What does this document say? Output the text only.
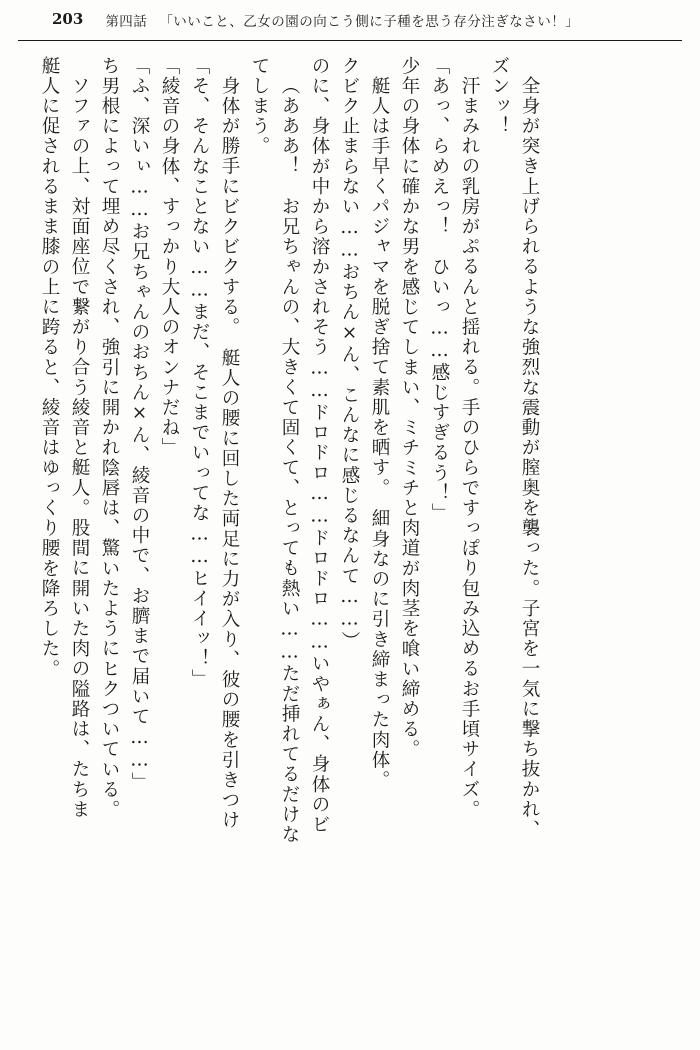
203 第四話 「いいこと、乙女の園の向こう側に子種を思う存分注ぎなさい！」
艇人に促されるまま膝の上に跨ると、綾音はゆっくり腰を降ろした。 ソファの上、対面座位で繋がり合う綾音と艇人。股間に開いた肉の隘路は、たちま ち男根によって埋め尽くされ、強引に開かれ陰唇は、驚いたようにヒクついている。 「ふ、深いぃ……お兄ちゃんのおちん×ん、綾音の中で、お臍まで届いて……」 「綾音の身体、すっかり大人のオンナだね」 「そ、そんなことない……まだ、そこまでいってな……ヒイイッ！」 身体が勝手にビクビクする。　艇人の腰に回した両足に力が入り、彼の腰を引きつけ てしまう。 （あああ！　お兄ちゃんの、大きくて固くて、とっても熱い……ただ挿れてるだけな のに、身体が中から溶かされそう……ドロドロ……ドロドロ……いやぁん、身体のビ クビク止まらない……おちん×ん、こんなに感じるなんて……） 艇人は手早くパジャマを脱ぎ捨て素肌を晒す。　細身なのに引き締まった肉体。 少年の身体に確かな男を感じてしまい、ミチミチと肉道が肉茎を喰い締める。 「あっ、らめえっ！　ひいっ……感じすぎるう！」 汗まみれの乳房がぷるんと揺れる。手のひらですっぽり包み込めるお手頃サイズ。 ズンッ！ 全身が突き上げられるような強烈な震動が膣奥を襲った。子宮を一気に撃ち抜かれ、
